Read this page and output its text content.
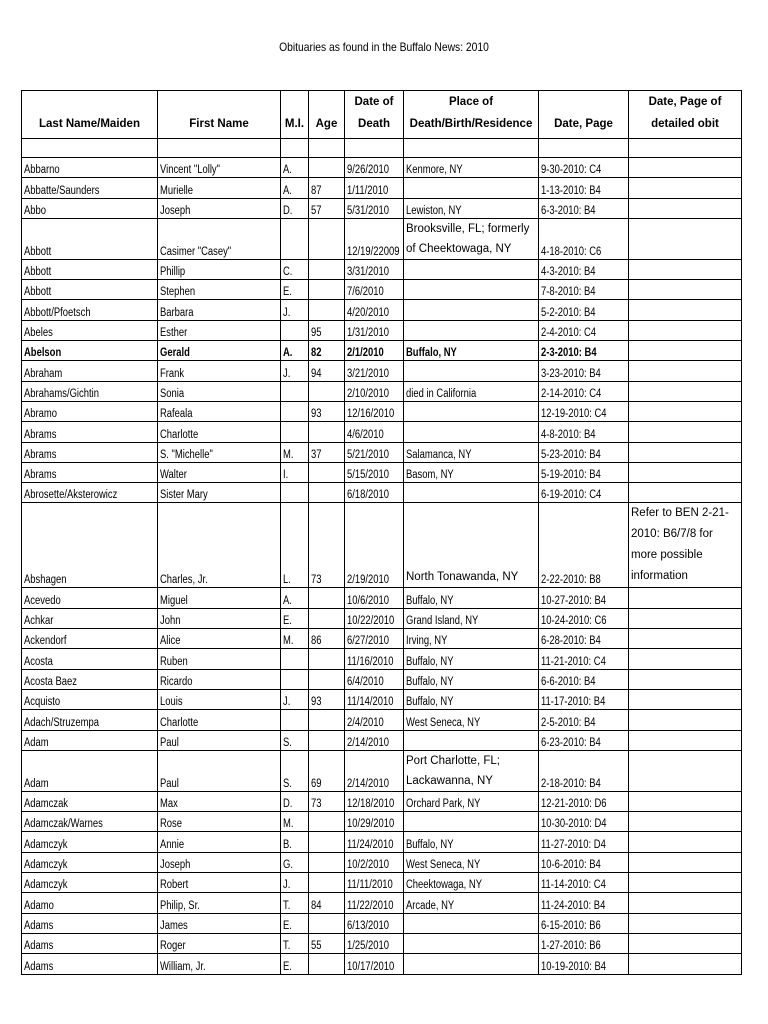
Obituaries as found in the Buffalo News: 2010
Last Name/Maiden	First Name	M.I.	Age	Date of Death	Place of Death/Birth/Residence	Date, Page	Date, Page of detailed obit

Abbarno	Vincent "Lolly"	A.		9/26/2010	Kenmore, NY	9-30-2010: C4	
Abbatte/Saunders	Murielle	A.	87	1/11/2010		1-13-2010: B4	
Abbo	Joseph	D.	57	5/31/2010	Lewiston, NY	6-3-2010: B4	
Abbott	Casimer "Casey"			12/19/22009	Brooksville, FL; formerly of Cheektowaga, NY	4-18-2010: C6	
Abbott	Phillip	C.		3/31/2010		4-3-2010: B4	
Abbott	Stephen	E.		7/6/2010		7-8-2010: B4	
Abbott/Pfoetsch	Barbara	J.		4/20/2010		5-2-2010: B4	
Abeles	Esther		95	1/31/2010		2-4-2010: C4	
Abelson	Gerald	A.	82	2/1/2010	Buffalo, NY	2-3-2010: B4	
Abraham	Frank	J.	94	3/21/2010		3-23-2010: B4	
Abrahams/Gichtin	Sonia			2/10/2010	died in California	2-14-2010: C4	
Abramo	Rafeala		93	12/16/2010		12-19-2010: C4	
Abrams	Charlotte			4/6/2010		4-8-2010: B4	
Abrams	S. "Michelle"	M.	37	5/21/2010	Salamanca, NY	5-23-2010: B4	
Abrams	Walter	I.		5/15/2010	Basom, NY	5-19-2010: B4	
Abrosette/Aksterowicz	Sister Mary			6/18/2010		6-19-2010: C4	
Abshagen	Charles, Jr.	L.	73	2/19/2010	North Tonawanda, NY	2-22-2010: B8	Refer to BEN 2-21-2010: B6/7/8 for more possible information
Acevedo	Miguel	A.		10/6/2010	Buffalo, NY	10-27-2010: B4	
Achkar	John	E.		10/22/2010	Grand Island, NY	10-24-2010: C6	
Ackendorf	Alice	M.	86	6/27/2010	Irving, NY	6-28-2010: B4	
Acosta	Ruben			11/16/2010	Buffalo, NY	11-21-2010: C4	
Acosta Baez	Ricardo			6/4/2010	Buffalo, NY	6-6-2010: B4	
Acquisto	Louis	J.	93	11/14/2010	Buffalo, NY	11-17-2010: B4	
Adach/Struzempa	Charlotte			2/4/2010	West Seneca, NY	2-5-2010: B4	
Adam	Paul	S.		2/14/2010		6-23-2010: B4	
Adam	Paul	S.	69	2/14/2010	Port Charlotte, FL; Lackawanna, NY	2-18-2010: B4	
Adamczak	Max	D.	73	12/18/2010	Orchard Park, NY	12-21-2010: D6	
Adamczak/Warnes	Rose	M.		10/29/2010		10-30-2010: D4	
Adamczyk	Annie	B.		11/24/2010	Buffalo, NY	11-27-2010: D4	
Adamczyk	Joseph	G.		10/2/2010	West Seneca, NY	10-6-2010: B4	
Adamczyk	Robert	J.		11/11/2010	Cheektowaga, NY	11-14-2010: C4	
Adamo	Philip, Sr.	T.	84	11/22/2010	Arcade, NY	11-24-2010: B4	
Adams	James	E.		6/13/2010		6-15-2010: B6	
Adams	Roger	T.	55	1/25/2010		1-27-2010: B6	
Adams	William, Jr.	E.		10/17/2010		10-19-2010: B4	
